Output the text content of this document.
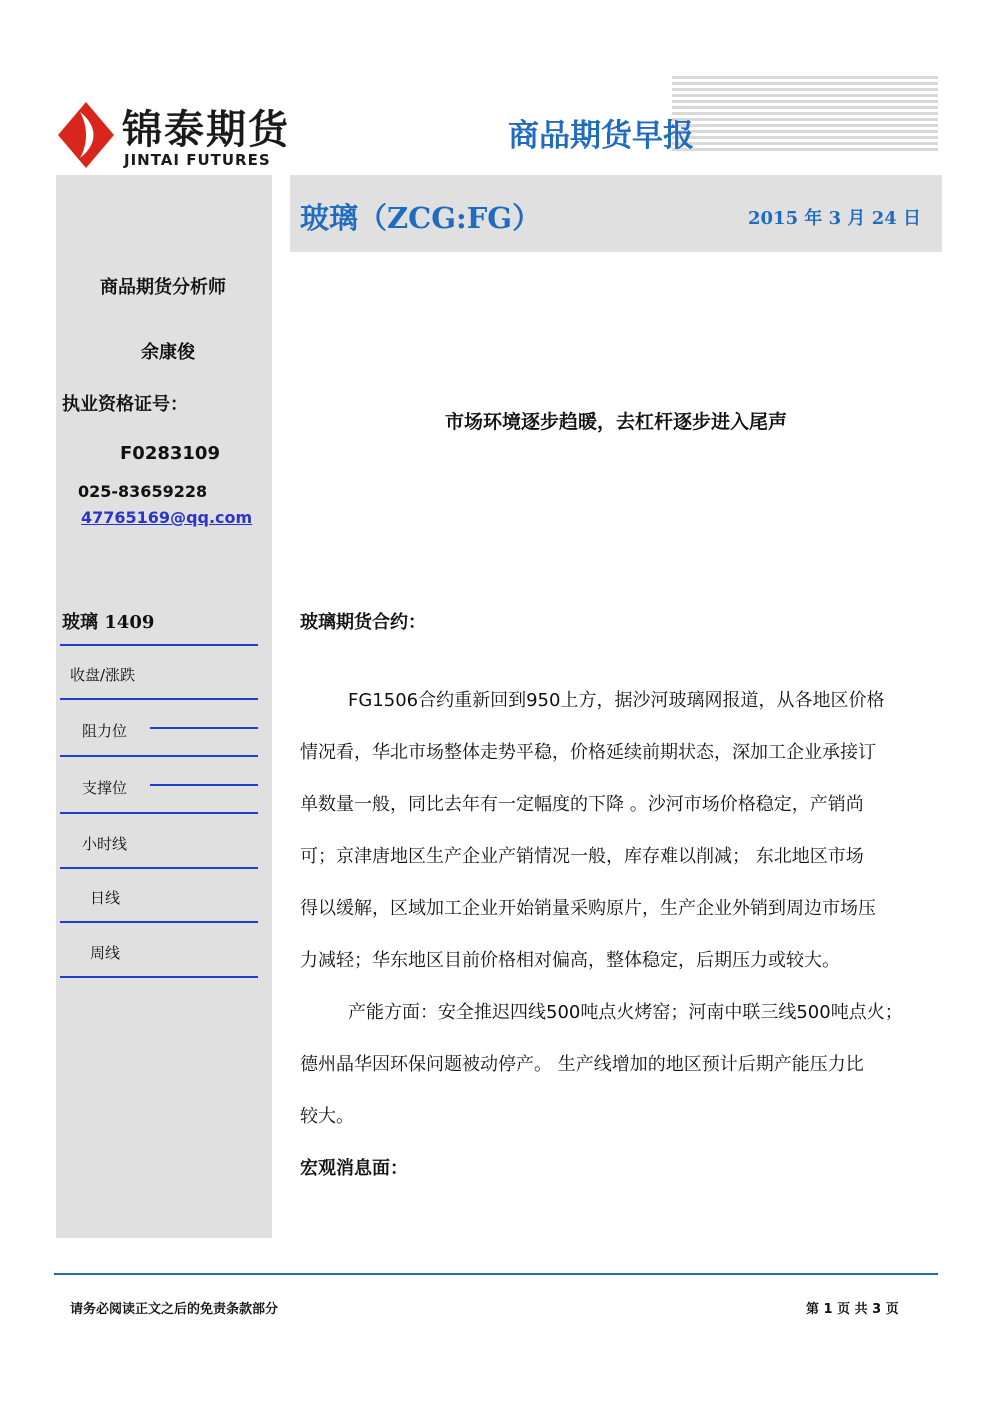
锦泰期货
JINTAI FUTURES
商品期货早报
玻璃（ZCG:FG）	2015 年 3 月 24 日
商品期货分析师
余康俊
执业资格证号：
F0283109
025-83659228
47765169@qq.com
玻璃 1409
收盘/涨跌
阻力位
支撑位
小时线
日线
周线
市场环境逐步趋暖，去杠杆逐步进入尾声
玻璃期货合约：
FG1506合约重新回到950上方，据沙河玻璃网报道，从各地区价格
情况看，华北市场整体走势平稳，价格延续前期状态，深加工企业承接订
单数量一般，同比去年有一定幅度的下降 。沙河市场价格稳定，产销尚
可；京津唐地区生产企业产销情况一般，库存难以削减； 东北地区市场
得以缓解，区域加工企业开始销量采购原片，生产企业外销到周边市场压
力减轻；华东地区目前价格相对偏高，整体稳定，后期压力或较大。
产能方面：安全推迟四线500吨点火烤窑；河南中联三线500吨点火；
德州晶华因环保问题被动停产。 生产线增加的地区预计后期产能压力比
较大。
宏观消息面：
请务必阅读正文之后的免责条款部分	第 1 页 共 3 页
